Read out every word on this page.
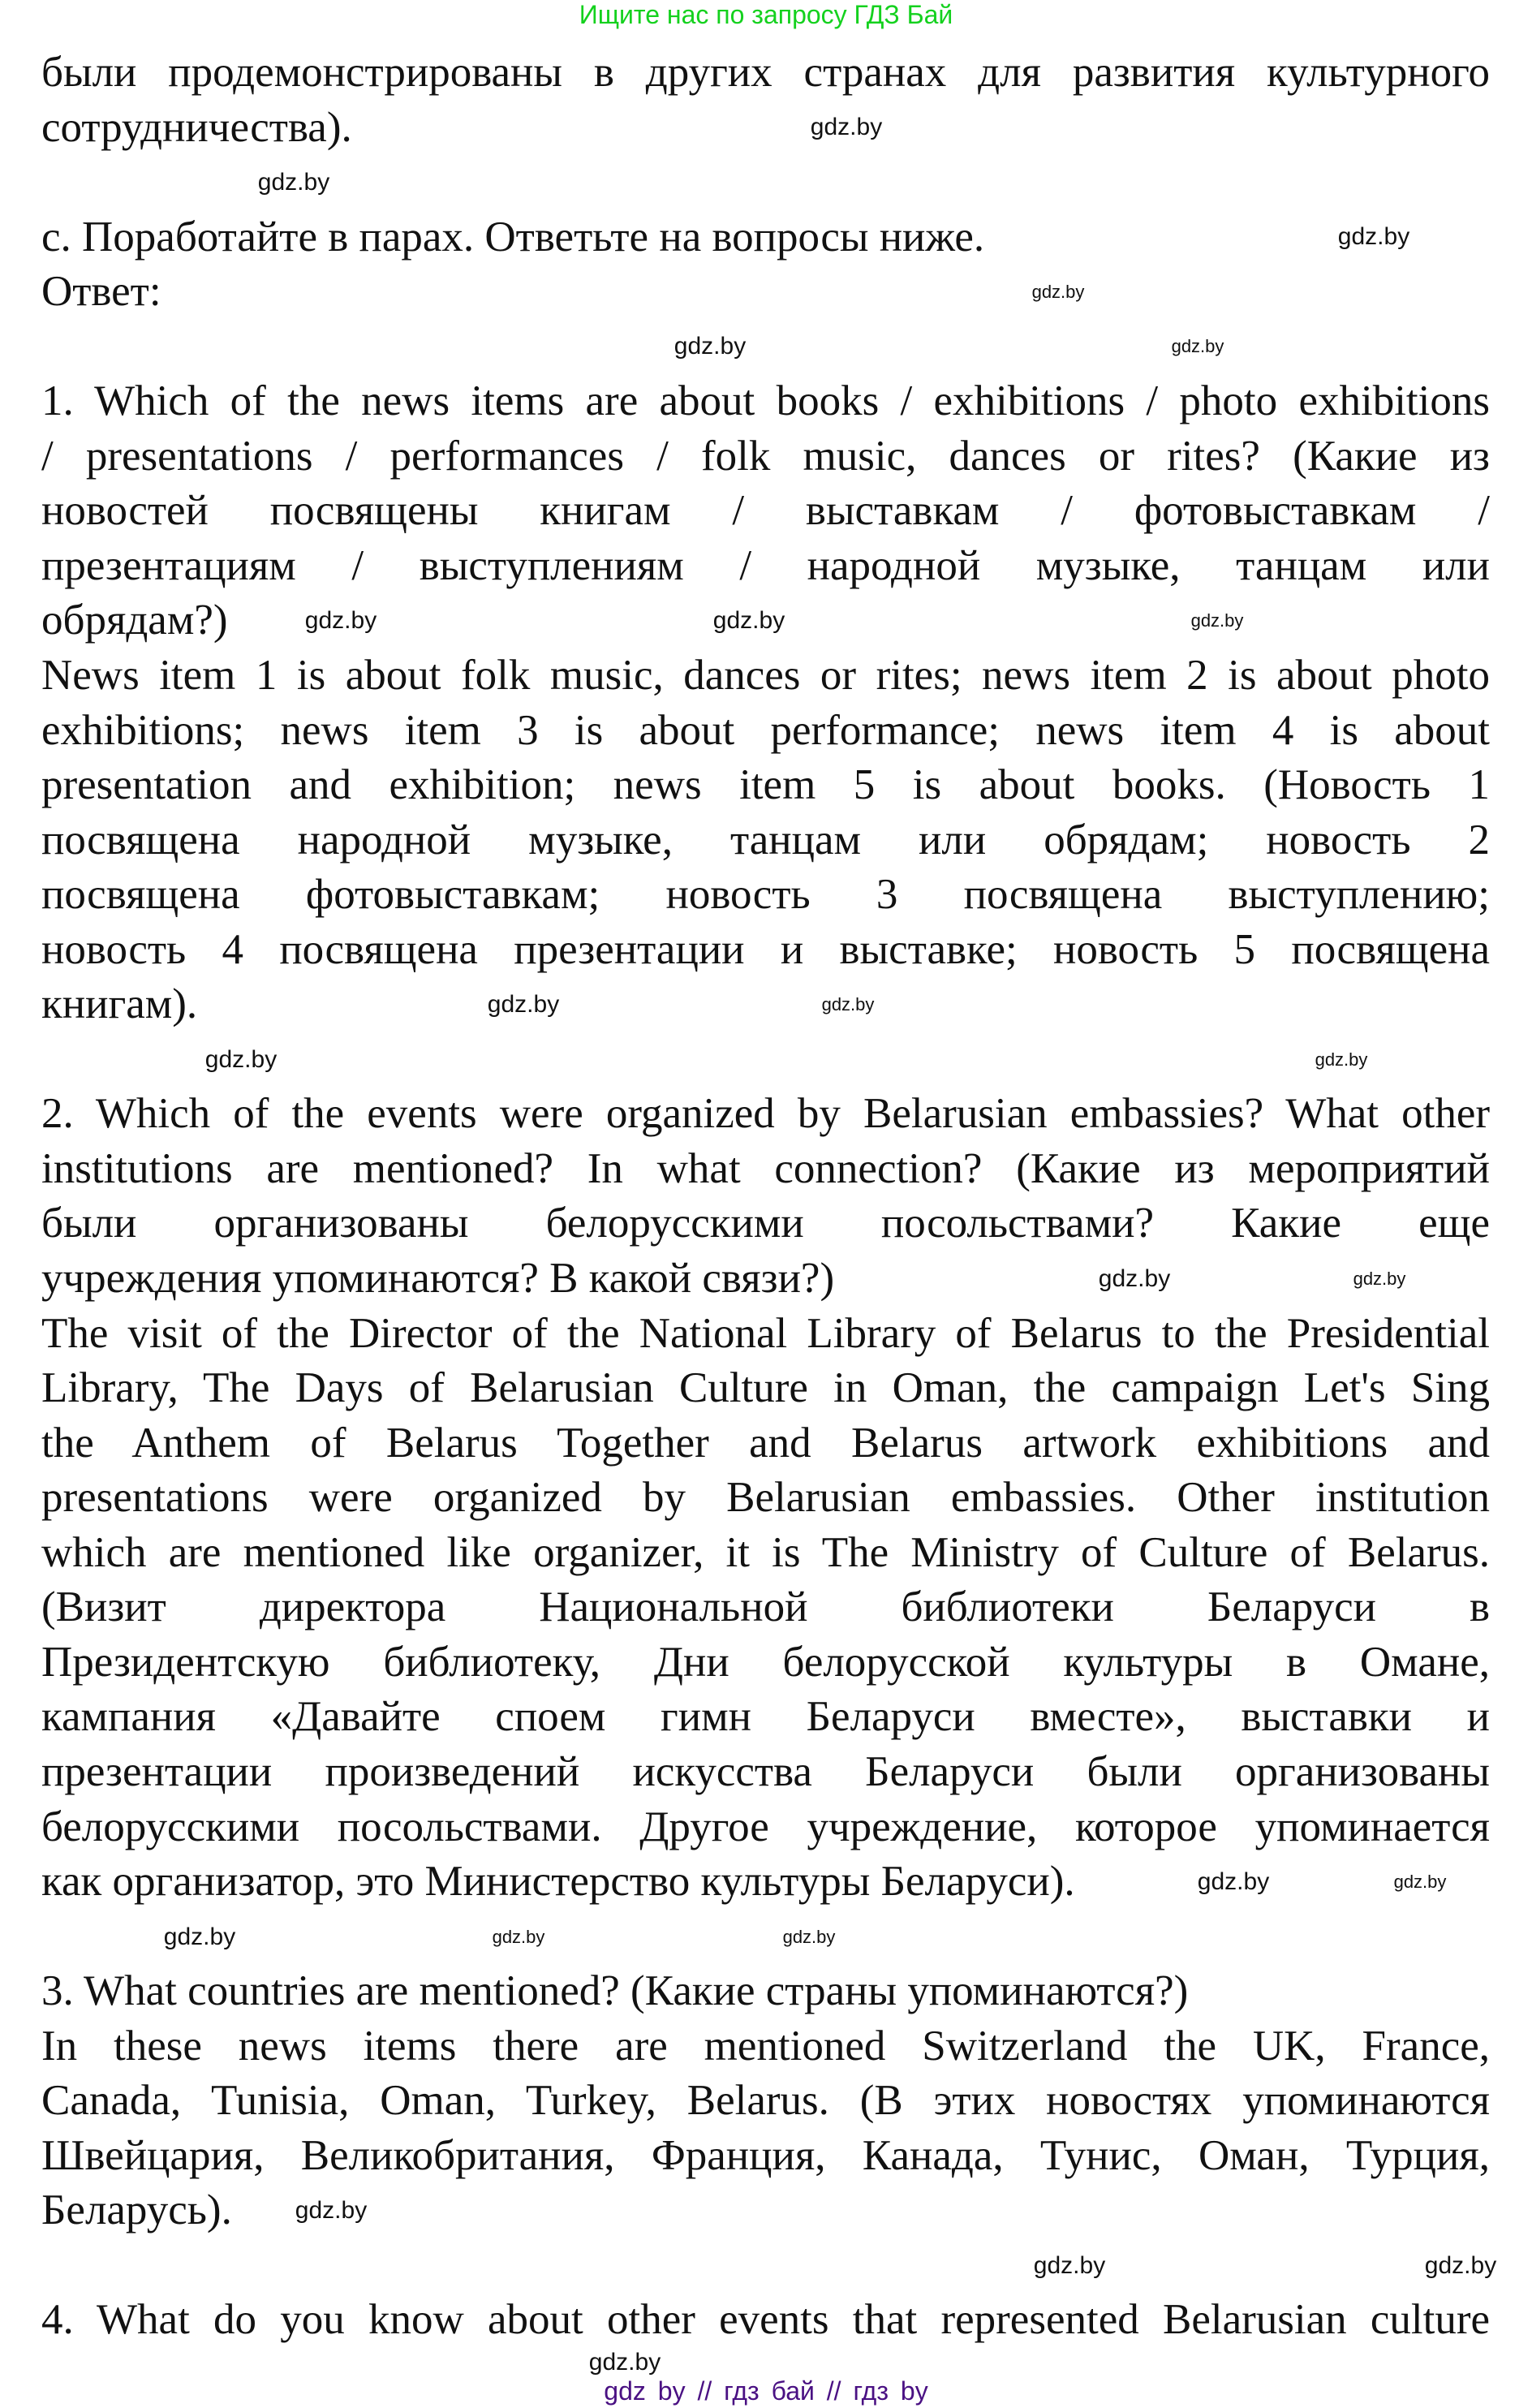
Ищите нас по запросу ГДЗ Бай
были продемонстрированы в других странах для развития культурного
сотрудничества).
с. Поработайте в парах. Ответьте на вопросы ниже.
Ответ:
1. Which of the news items are about books / exhibitions / photo exhibitions
/ presentations / performances / folk music, dances or rites? (Какие из
новостей посвящены книгам / выставкам / фотовыставкам /
презентациям / выступлениям / народной музыке, танцам или
обрядам?)
News item 1 is about folk music, dances or rites; news item 2 is about photo
exhibitions; news item 3 is about performance; news item 4 is about
presentation and exhibition; news item 5 is about books. (Новость 1
посвящена народной музыке, танцам или обрядам; новость 2
посвящена фотовыставкам; новость 3 посвящена выступлению;
новость 4 посвящена презентации и выставке; новость 5 посвящена
книгам).
2. Which of the events were organized by Belarusian embassies? What other
institutions are mentioned? In what connection? (Какие из мероприятий
были организованы белорусскими посольствами? Какие еще
учреждения упоминаются? В какой связи?)
The visit of the Director of the National Library of Belarus to the Presidential
Library, The Days of Belarusian Culture in Oman, the campaign Let's Sing
the Anthem of Belarus Together and Belarus artwork exhibitions and
presentations were organized by Belarusian embassies. Other institution
which are mentioned like organizer, it is The Ministry of Culture of Belarus.
(Визит директора Национальной библиотеки Беларуси в
Президентскую библиотеку, Дни белорусской культуры в Омане,
кампания «Давайте споем гимн Беларуси вместе», выставки и
презентации произведений искусства Беларуси были организованы
белорусскими посольствами. Другое учреждение, которое упоминается
как организатор, это Министерство культуры Беларуси).
3. What countries are mentioned? (Какие страны упоминаются?)
In these news items there are mentioned Switzerland the UK, France,
Canada, Tunisia, Oman, Turkey, Belarus. (В этих новостях упоминаются
Швейцария, Великобритания, Франция, Канада, Тунис, Оман, Турция,
Беларусь).
4. What do you know about other events that represented Belarusian culture
gdz.by
gdz.by
gdz.by
gdz.by
gdz.by	gdz.by
gdz.by	gdz.by	gdz.by
gdz.by	gdz.by
gdz.by	gdz.by
gdz.by	gdz.by
gdz.by	gdz.by
gdz.by	gdz.by	gdz.by
gdz.by
gdz.by	gdz.by
gdz.by
gdz by // гдз бай // гдз by
